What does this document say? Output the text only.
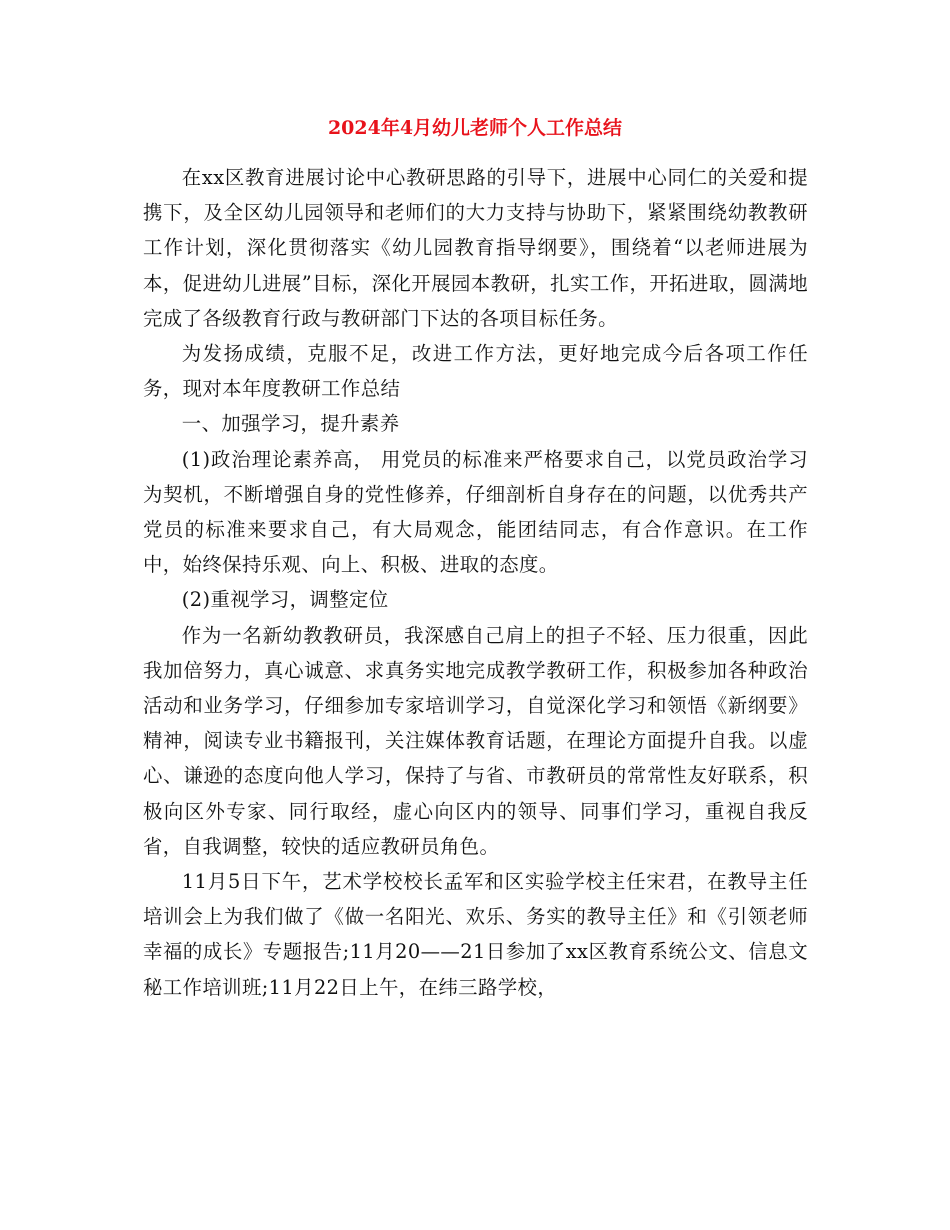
2024年4月幼儿老师个人工作总结

在xx区教育进展讨论中心教研思路的引导下，进展中心同仁的关爱和提携下，及全区幼儿园领导和老师们的大力支持与协助下，紧紧围绕幼教教研工作计划，深化贯彻落实《幼儿园教育指导纲要》，围绕着“以老师进展为本，促进幼儿进展”目标，深化开展园本教研，扎实工作，开拓进取，圆满地完成了各级教育行政与教研部门下达的各项目标任务。

为发扬成绩，克服不足，改进工作方法，更好地完成今后各项工作任务，现对本年度教研工作总结

一、加强学习，提升素养

(1)政治理论素养高， 用党员的标准来严格要求自己，以党员政治学习为契机，不断增强自身的党性修养，仔细剖析自身存在的问题，以优秀共产党员的标准来要求自己，有大局观念，能团结同志，有合作意识。在工作中，始终保持乐观、向上、积极、进取的态度。

(2)重视学习，调整定位

作为一名新幼教教研员，我深感自己肩上的担子不轻、压力很重，因此我加倍努力，真心诚意、求真务实地完成教学教研工作，积极参加各种政治活动和业务学习，仔细参加专家培训学习，自觉深化学习和领悟《新纲要》精神，阅读专业书籍报刊，关注媒体教育话题，在理论方面提升自我。以虚心、谦逊的态度向他人学习，保持了与省、市教研员的常常性友好联系，积极向区外专家、同行取经，虚心向区内的领导、同事们学习，重视自我反省，自我调整，较快的适应教研员角色。

11月5日下午，艺术学校校长孟军和区实验学校主任宋君，在教导主任培训会上为我们做了《做一名阳光、欢乐、务实的教导主任》和《引领老师幸福的成长》专题报告;11月20——21日参加了xx区教育系统公文、信息文秘工作培训班;11月22日上午，在纬三路学校，
